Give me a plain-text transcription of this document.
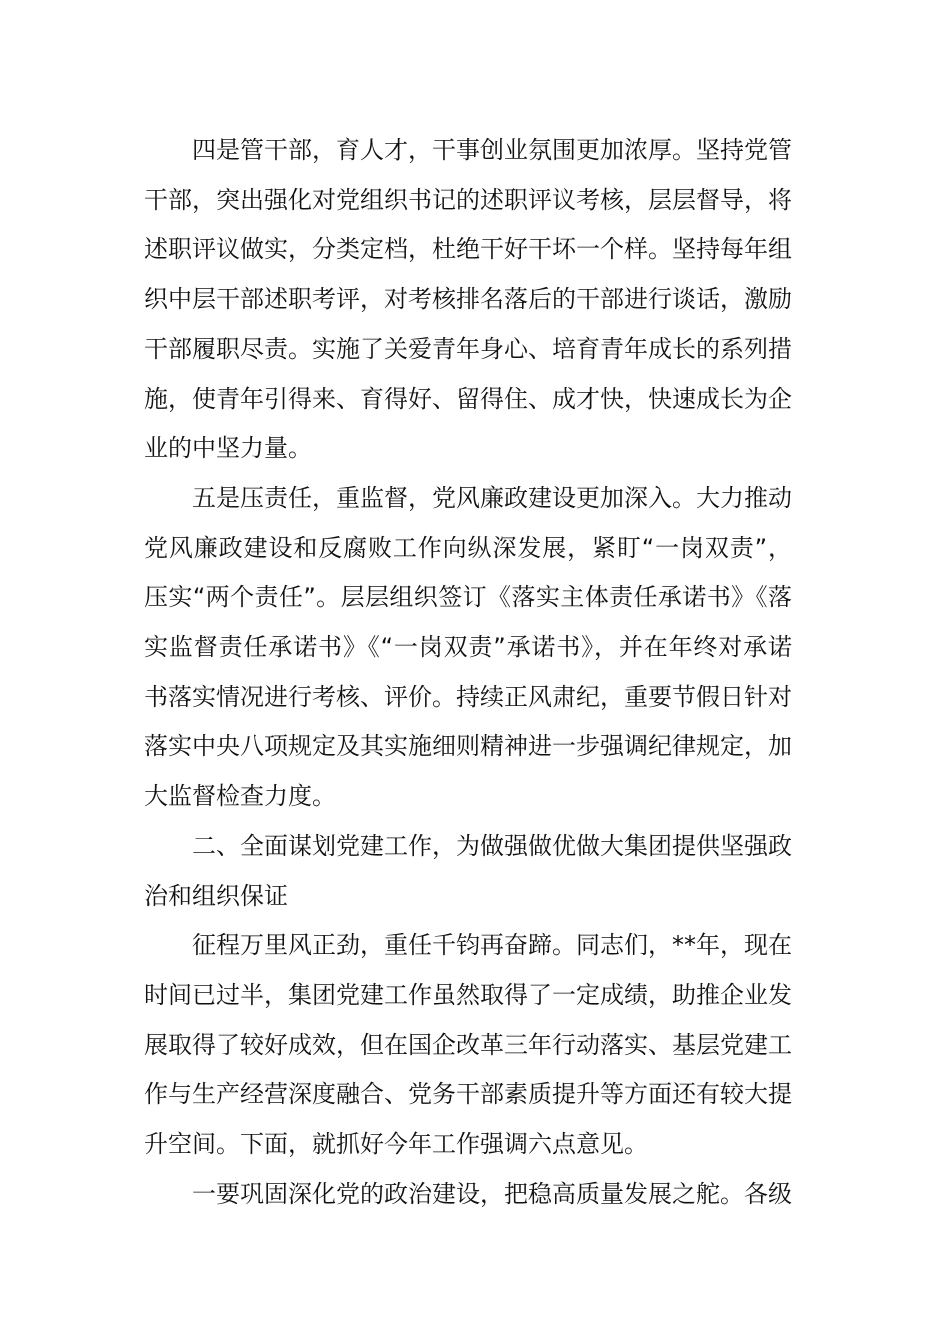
四是管干部，育人才，干事创业氛围更加浓厚。坚持党管干部，突出强化对党组织书记的述职评议考核，层层督导，将述职评议做实，分类定档，杜绝干好干坏一个样。坚持每年组织中层干部述职考评，对考核排名落后的干部进行谈话，激励干部履职尽责。实施了关爱青年身心、培育青年成长的系列措施，使青年引得来、育得好、留得住、成才快，快速成长为企业的中坚力量。

五是压责任，重监督，党风廉政建设更加深入。大力推动党风廉政建设和反腐败工作向纵深发展，紧盯“一岗双责”，压实“两个责任”。层层组织签订《落实主体责任承诺书》《落实监督责任承诺书》《“一岗双责”承诺书》，并在年终对承诺书落实情况进行考核、评价。持续正风肃纪，重要节假日针对落实中央八项规定及其实施细则精神进一步强调纪律规定，加大监督检查力度。

二、全面谋划党建工作，为做强做优做大集团提供坚强政治和组织保证

征程万里风正劲，重任千钧再奋蹄。同志们，**年，现在时间已过半，集团党建工作虽然取得了一定成绩，助推企业发展取得了较好成效，但在国企改革三年行动落实、基层党建工作与生产经营深度融合、党务干部素质提升等方面还有较大提升空间。下面，就抓好今年工作强调六点意见。

一要巩固深化党的政治建设，把稳高质量发展之舵。各级
